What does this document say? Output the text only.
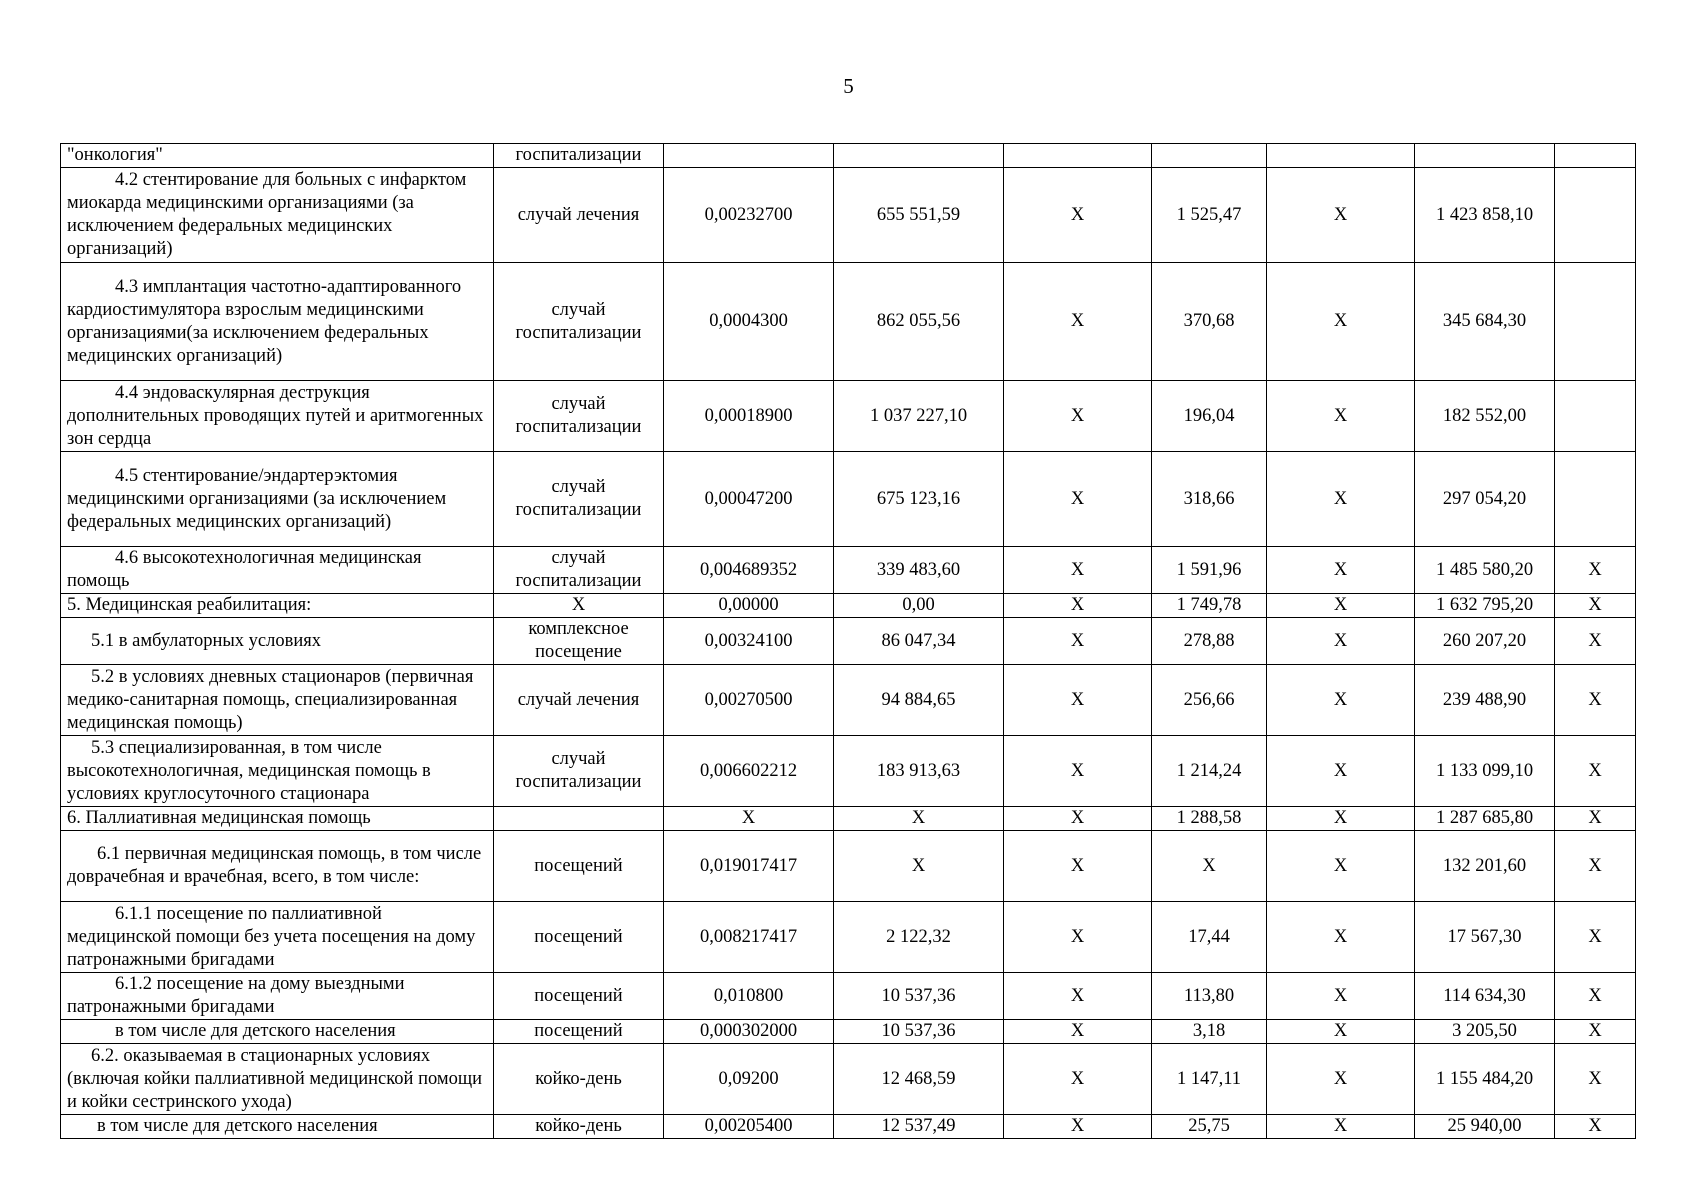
5
"онкология"	госпитализации							

4.2 стентирование для больных с инфарктом миокарда медицинскими организациями (за исключением федеральных медицинских организаций)	случай лечения	0,00232700	655 551,59	X	1 525,47	X	1 423 858,10	

4.3 имплантация частотно-адаптированного кардиостимулятора взрослым медицинскими организациями(за исключением федеральных медицинских организаций)	случай госпитализации	0,0004300	862 055,56	X	370,68	X	345 684,30	

4.4 эндоваскулярная деструкция дополнительных проводящих путей и аритмогенных зон сердца	случай госпитализации	0,00018900	1 037 227,10	X	196,04	X	182 552,00	

4.5 стентирование/эндартерэктомия медицинскими организациями (за исключением федеральных медицинских организаций)	случай госпитализации	0,00047200	675 123,16	X	318,66	X	297 054,20	

4.6 высокотехнологичная медицинская помощь	случай госпитализации	0,004689352	339 483,60	X	1 591,96	X	1 485 580,20	X

5. Медицинская реабилитация:	X	0,00000	0,00	X	1 749,78	X	1 632 795,20	X

5.1 в амбулаторных условиях	комплексное посещение	0,00324100	86 047,34	X	278,88	X	260 207,20	X

5.2 в условиях дневных стационаров (первичная медико-санитарная помощь, специализированная медицинская помощь)	случай лечения	0,00270500	94 884,65	X	256,66	X	239 488,90	X

5.3 специализированная, в том числе высокотехнологичная, медицинская помощь в условиях круглосуточного стационара	случай госпитализации	0,006602212	183 913,63	X	1 214,24	X	1 133 099,10	X

6. Паллиативная медицинская помощь		X	X	X	1 288,58	X	1 287 685,80	X

6.1 первичная медицинская помощь, в том числе доврачебная и врачебная, всего, в том числе:	посещений	0,019017417	X	X	X	X	132 201,60	X

6.1.1 посещение по паллиативной медицинской помощи без учета посещения на дому патронажными бригадами	посещений	0,008217417	2 122,32	X	17,44	X	17 567,30	X

6.1.2 посещение на дому выездными патронажными бригадами	посещений	0,010800	10 537,36	X	113,80	X	114 634,30	X

в том числе для детского населения	посещений	0,000302000	10 537,36	X	3,18	X	3 205,50	X

6.2. оказываемая в стационарных условиях (включая койки паллиативной медицинской помощи и койки сестринского ухода)	койко-день	0,09200	12 468,59	X	1 147,11	X	1 155 484,20	X

в том числе для детского населения	койко-день	0,00205400	12 537,49	X	25,75	X	25 940,00	X
